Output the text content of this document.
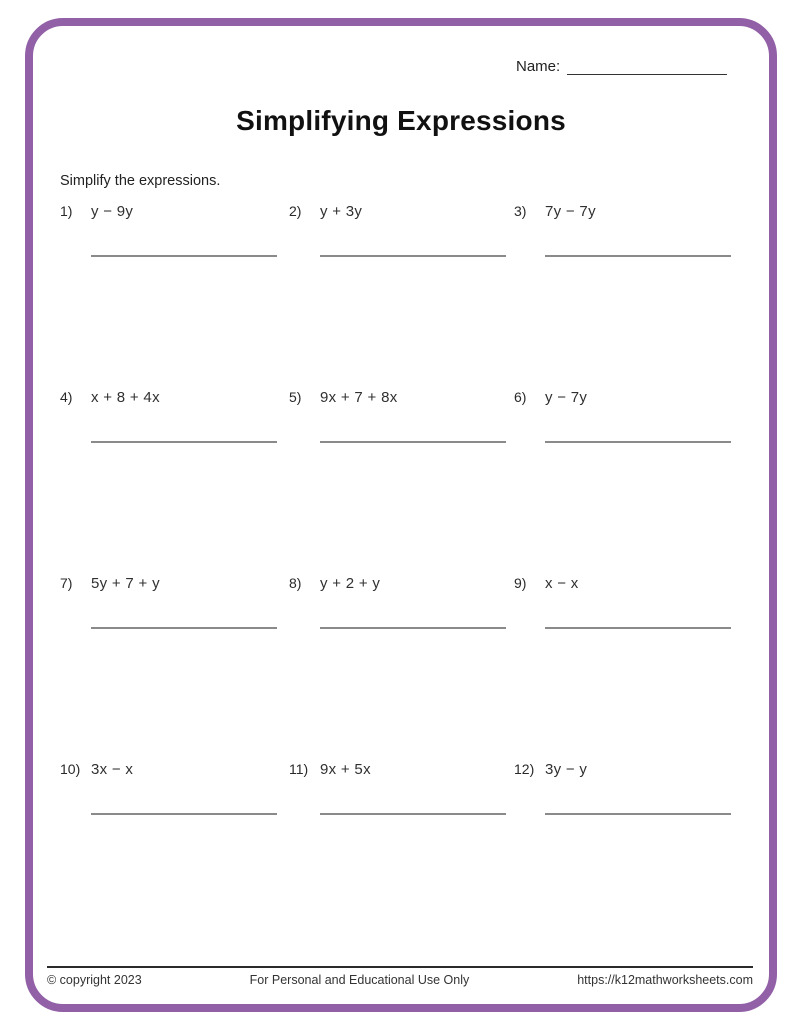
Name:
Simplifying Expressions
Simplify the expressions.
1) y − 9y	2) y + 3y	3) 7y − 7y
4) x + 8 + 4x	5) 9x + 7 + 8x	6) y − 7y
7) 5y + 7 + y	8) y + 2 + y	9) x − x
10) 3x − x	11) 9x + 5x	12) 3y − y
© copyright 2023	For Personal and Educational Use Only	https://k12mathworksheets.com
